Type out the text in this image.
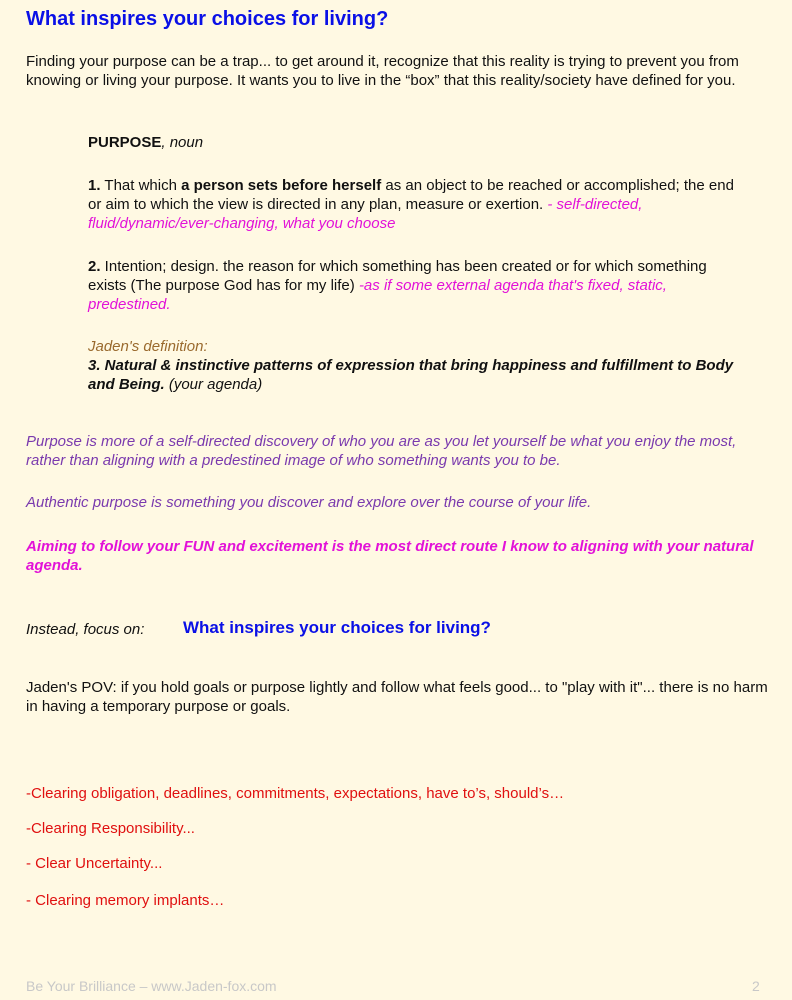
What inspires your choices for living?

Finding your purpose can be a trap... to get around it, recognize that this reality is trying to prevent you from knowing or living your purpose. It wants you to live in the “box” that this reality/society have defined for you.

PURPOSE, noun

1. That which a person sets before herself as an object to be reached or accomplished; the end or aim to which the view is directed in any plan, measure or exertion. - self-directed, fluid/dynamic/ever-changing, what you choose

2. Intention; design. the reason for which something has been created or for which something exists (The purpose God has for my life) -as if some external agenda that's fixed, static, predestined.

Jaden's definition:

3. Natural & instinctive patterns of expression that bring happiness and fulfillment to Body and Being. (your agenda)

Purpose is more of a self-directed discovery of who you are as you let yourself be what you enjoy the most, rather than aligning with a predestined image of who something wants you to be.

Authentic purpose is something you discover and explore over the course of your life.

Aiming to follow your FUN and excitement is the most direct route I know to aligning with your natural agenda.

Instead, focus on: What inspires your choices for living?

Jaden's POV: if you hold goals or purpose lightly and follow what feels good... to "play with it"... there is no harm in having a temporary purpose or goals.

-Clearing obligation, deadlines, commitments, expectations, have to’s, should’s…

-Clearing Responsibility...

- Clear Uncertainty...

- Clearing memory implants…

Be Your Brilliance – www.Jaden-fox.com	2
